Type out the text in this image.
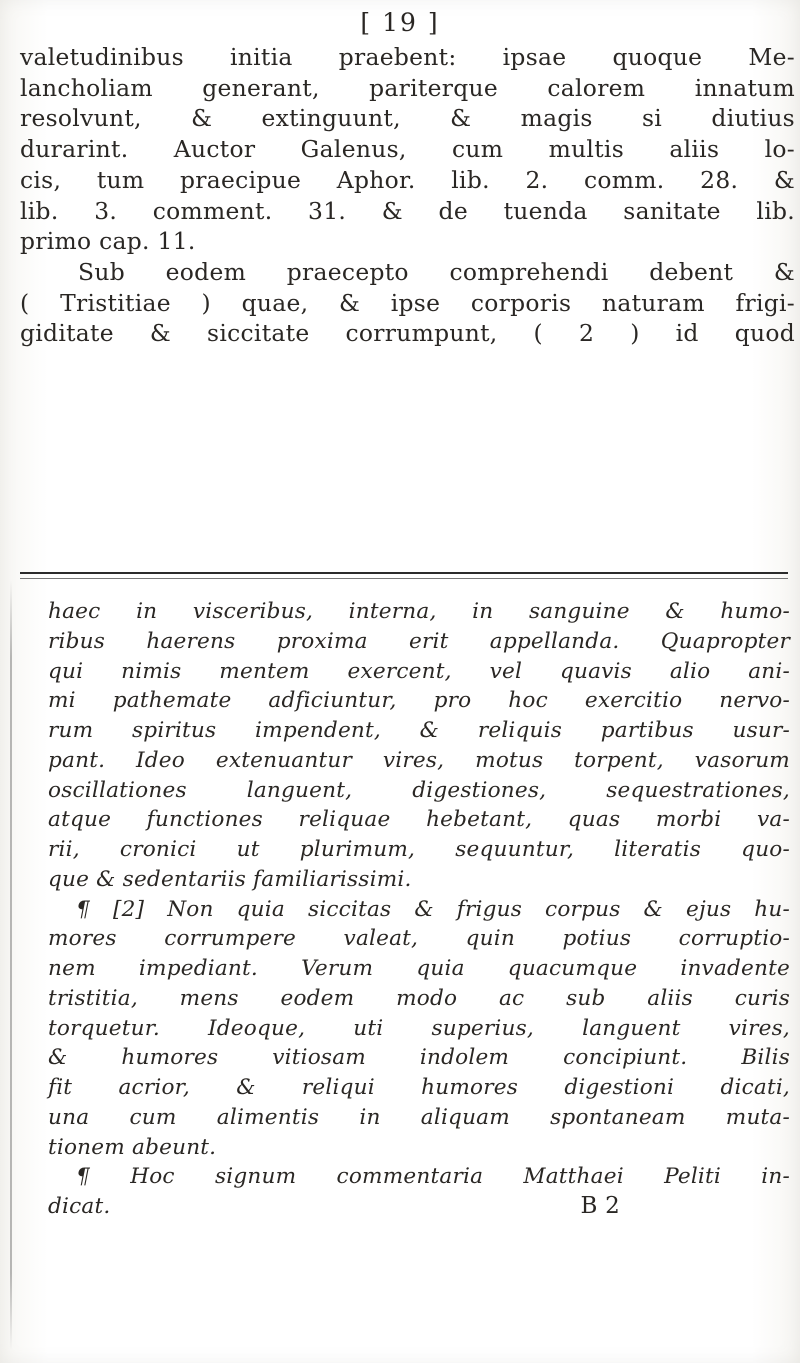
[ 19 ]
valetudinibus initia praebent: ipsae quoque Me-
lancholiam generant, pariterque calorem innatum
resolvunt, & extinguunt, & magis si diutius
durarint. Auctor Galenus, cum multis aliis lo-
cis, tum praecipue Aphor. lib. 2. comm. 28. &
lib. 3. comment. 31. & de tuenda sanitate lib.
primo cap. 11.
Sub eodem praecepto comprehendi debent &
( Tristitiae ) quae, & ipse corporis naturam frigi-
giditate & siccitate corrumpunt, ( 2 ) id quod
haec in visceribus, interna, in sanguine & humo-
ribus haerens proxima erit appellanda. Quapropter
qui nimis mentem exercent, vel quavis alio ani-
mi pathemate adficiuntur, pro hoc exercitio nervo-
rum spiritus impendent, & reliquis partibus usur-
pant. Ideo extenuantur vires, motus torpent, vasorum
oscillationes languent, digestiones, sequestrationes,
atque functiones reliquae hebetant, quas morbi va-
rii, cronici ut plurimum, sequuntur, literatis quo-
que & sedentariis familiarissimi.
¶ [2] Non quia siccitas & frigus corpus & ejus hu-
mores corrumpere valeat, quin potius corruptio-
nem impediant. Verum quia quacumque invadente
tristitia, mens eodem modo ac sub aliis curis
torquetur. Ideoque, uti superius, languent vires,
& humores vitiosam indolem concipiunt. Bilis
fit acrior, & reliqui humores digestioni dicati,
una cum alimentis in aliquam spontaneam muta-
tionem abeunt.
¶ Hoc signum commentaria Matthaei Peliti in-
dicat.	B 2
